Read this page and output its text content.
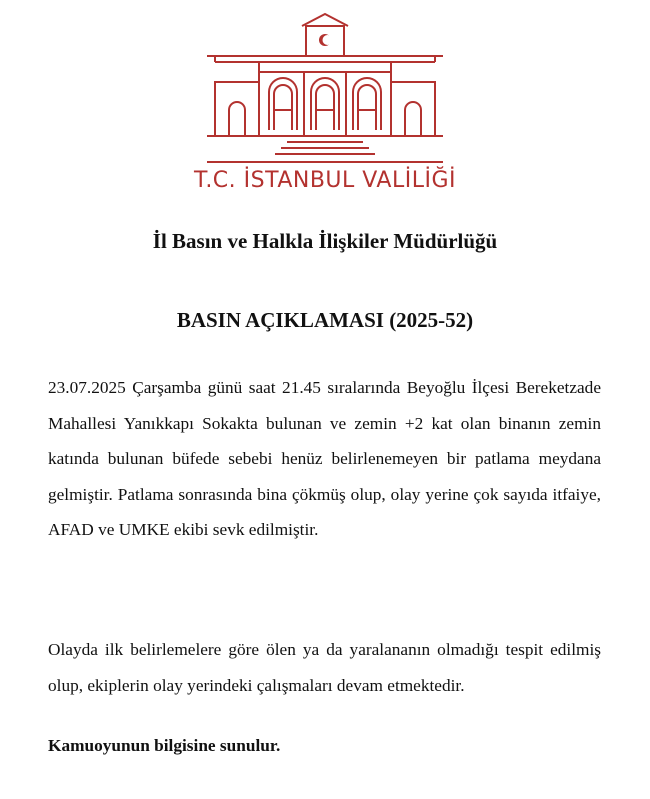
T.C. İSTANBUL VALİLİĞİ
İl Basın ve Halkla İlişkiler Müdürlüğü
BASIN AÇIKLAMASI (2025-52)

23.07.2025 Çarşamba günü saat 21.45 sıralarında Beyoğlu İlçesi Bereketzade Mahallesi Yanıkkapı Sokakta bulunan ve zemin +2 kat olan binanın zemin katında bulunan büfede sebebi henüz belirlenemeyen bir patlama meydana gelmiştir. Patlama sonrasında bina çökmüş olup, olay yerine çok sayıda itfaiye, AFAD ve UMKE ekibi sevk edilmiştir.

Olayda ilk belirlemelere göre ölen ya da yaralananın olmadığı tespit edilmiş olup, ekiplerin olay yerindeki çalışmaları devam etmektedir.

Kamuoyunun bilgisine sunulur.
